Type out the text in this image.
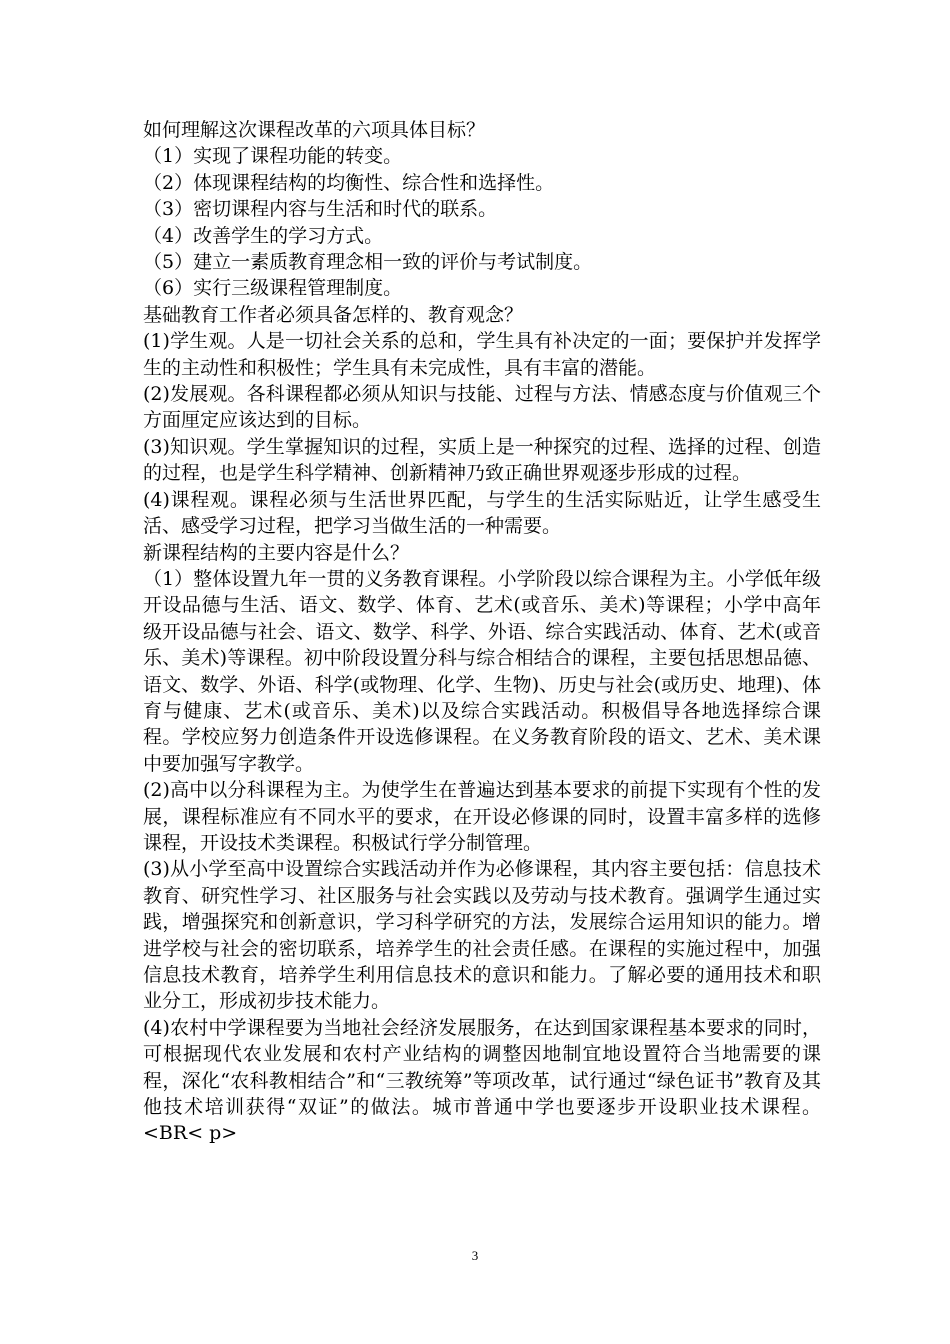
如何理解这次课程改革的六项具体目标？

（1）实现了课程功能的转变。

（2）体现课程结构的均衡性、综合性和选择性。

（3）密切课程内容与生活和时代的联系。

（4）改善学生的学习方式。

（5）建立一素质教育理念相一致的评价与考试制度。

（6）实行三级课程管理制度。

基础教育工作者必须具备怎样的、教育观念？

(1)学生观。人是一切社会关系的总和，学生具有补决定的一面；要保护并发挥学生的主动性和积极性；学生具有未完成性，具有丰富的潜能。

(2)发展观。各科课程都必须从知识与技能、过程与方法、情感态度与价值观三个方面厘定应该达到的目标。

(3)知识观。学生掌握知识的过程，实质上是一种探究的过程、选择的过程、创造的过程，也是学生科学精神、创新精神乃致正确世界观逐步形成的过程。

(4)课程观。课程必须与生活世界匹配，与学生的生活实际贴近，让学生感受生活、感受学习过程，把学习当做生活的一种需要。

新课程结构的主要内容是什么？

（1）整体设置九年一贯的义务教育课程。小学阶段以综合课程为主。小学低年级开设品德与生活、语文、数学、体育、艺术(或音乐、美术)等课程；小学中高年级开设品德与社会、语文、数学、科学、外语、综合实践活动、体育、艺术(或音乐、美术)等课程。初中阶段设置分科与综合相结合的课程，主要包括思想品德、语文、数学、外语、科学(或物理、化学、生物)、历史与社会(或历史、地理)、体育与健康、艺术(或音乐、美术)以及综合实践活动。积极倡导各地选择综合课程。学校应努力创造条件开设选修课程。在义务教育阶段的语文、艺术、美术课中要加强写字教学。

(2)高中以分科课程为主。为使学生在普遍达到基本要求的前提下实现有个性的发展，课程标准应有不同水平的要求，在开设必修课的同时，设置丰富多样的选修课程，开设技术类课程。积极试行学分制管理。

(3)从小学至高中设置综合实践活动并作为必修课程，其内容主要包括：信息技术教育、研究性学习、社区服务与社会实践以及劳动与技术教育。强调学生通过实践，增强探究和创新意识，学习科学研究的方法，发展综合运用知识的能力。增进学校与社会的密切联系，培养学生的社会责任感。在课程的实施过程中，加强信息技术教育，培养学生利用信息技术的意识和能力。了解必要的通用技术和职业分工，形成初步技术能力。

(4)农村中学课程要为当地社会经济发展服务，在达到国家课程基本要求的同时，可根据现代农业发展和农村产业结构的调整因地制宜地设置符合当地需要的课程，深化“农科教相结合”和“三教统筹”等项改革，试行通过“绿色证书”教育及其他技术培训获得“双证”的做法。城市普通中学也要逐步开设职业技术课程。<BR< p>

3
